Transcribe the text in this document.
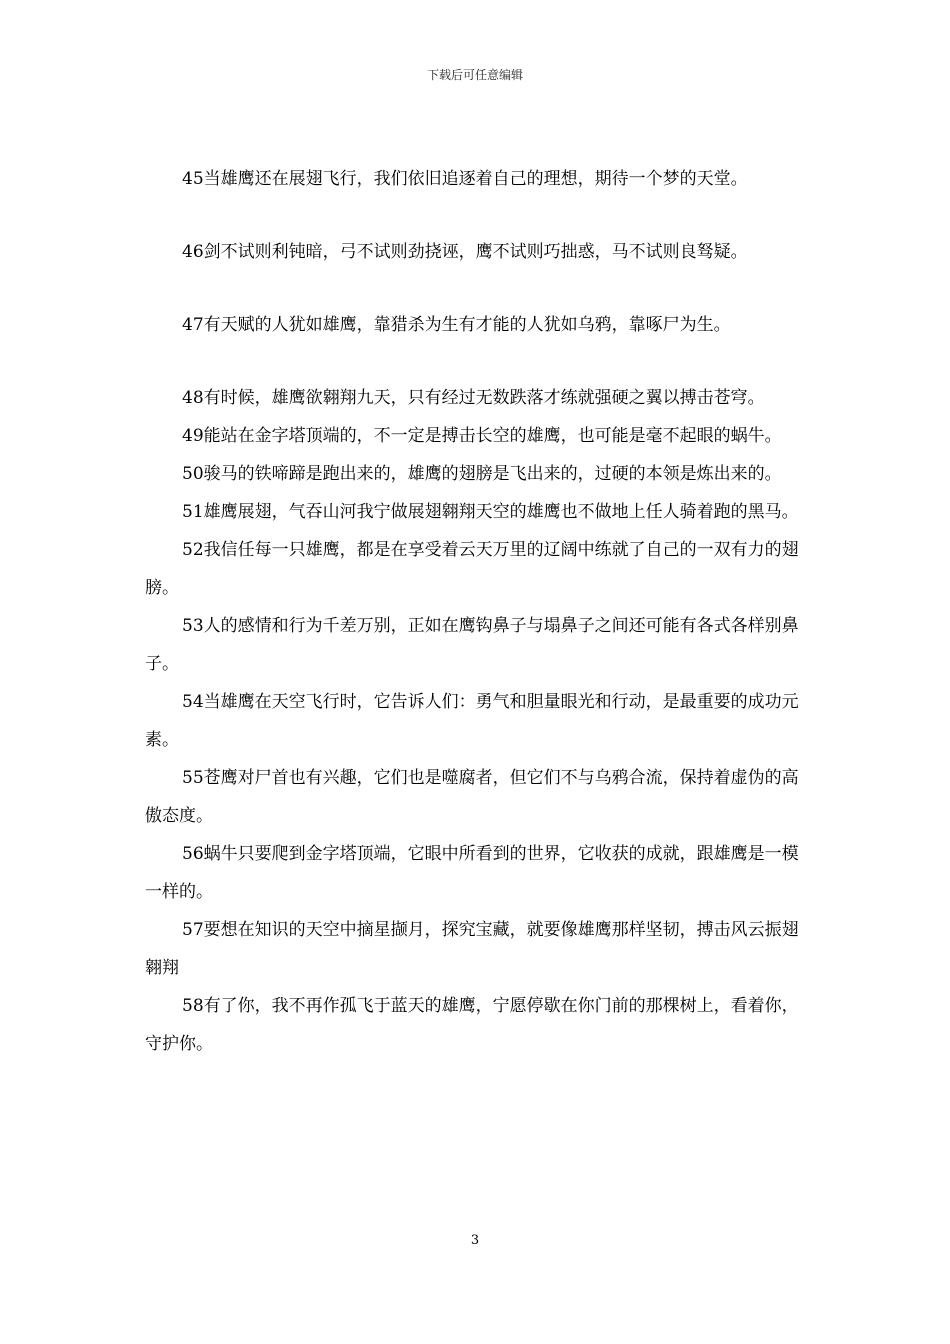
下载后可任意编辑

45当雄鹰还在展翅飞行，我们依旧追逐着自己的理想，期待一个梦的天堂。

46剑不试则利钝暗，弓不试则劲挠诬，鹰不试则巧拙惑，马不试则良驽疑。

47有天赋的人犹如雄鹰，靠猎杀为生有才能的人犹如乌鸦，靠啄尸为生。

48有时候，雄鹰欲翱翔九天，只有经过无数跌落才练就强硬之翼以搏击苍穹。

49能站在金字塔顶端的，不一定是搏击长空的雄鹰，也可能是毫不起眼的蜗牛。

50骏马的铁啼蹄是跑出来的，雄鹰的翅膀是飞出来的，过硬的本领是炼出来的。

51雄鹰展翅，气吞山河我宁做展翅翱翔天空的雄鹰也不做地上任人骑着跑的黑马。

52我信任每一只雄鹰，都是在享受着云天万里的辽阔中练就了自己的一双有力的翅膀。

53人的感情和行为千差万别，正如在鹰钩鼻子与塌鼻子之间还可能有各式各样别鼻子。

54当雄鹰在天空飞行时，它告诉人们：勇气和胆量眼光和行动，是最重要的成功元素。

55苍鹰对尸首也有兴趣，它们也是噬腐者，但它们不与乌鸦合流，保持着虚伪的高傲态度。

56蜗牛只要爬到金字塔顶端，它眼中所看到的世界，它收获的成就，跟雄鹰是一模一样的。

57要想在知识的天空中摘星撷月，探究宝藏，就要像雄鹰那样坚韧，搏击风云振翅翱翔

58有了你，我不再作孤飞于蓝天的雄鹰，宁愿停歇在你门前的那棵树上，看着你，守护你。

3
